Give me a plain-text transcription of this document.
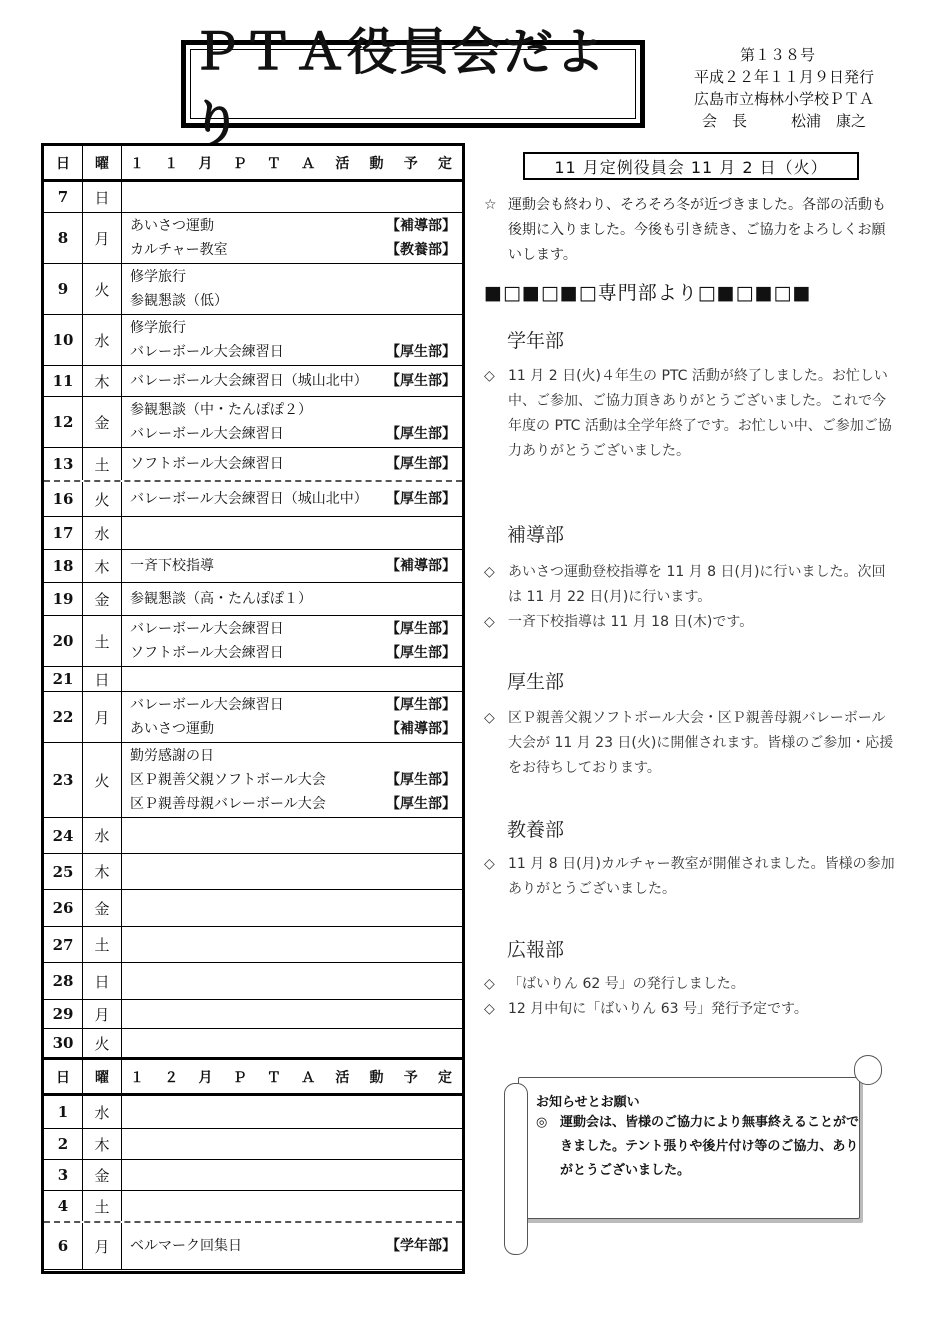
ＰＴＡ役員会だより
第１３８号
平成２２年１１月９日発行
広島市立梅林小学校ＰＴＡ
会　長	松浦　康之
日	曜	１ １ 月 Ｐ Ｔ Ａ 活 動 予 定
7	日
8	月
あいさつ運動	【補導部】
カルチャー教室	【教養部】
9	火
修学旅行
参観懇談（低）
10	水
修学旅行
バレーボール大会練習日	【厚生部】
11	木	バレーボール大会練習日（城山北中） 【厚生部】
12	金
参観懇談（中・たんぽぽ２）
バレーボール大会練習日	【厚生部】
13	土	ソフトボール大会練習日	【厚生部】
16	火	バレーボール大会練習日（城山北中） 【厚生部】
17	水
18	木	一斉下校指導	【補導部】
19	金	参観懇談（高・たんぽぽ１）
20	土
バレーボール大会練習日	【厚生部】
ソフトボール大会練習日	【厚生部】
21	日
22	月
バレーボール大会練習日	【厚生部】
あいさつ運動	【補導部】
23	火
勤労感謝の日
区Ｐ親善父親ソフトボール大会	【厚生部】
区Ｐ親善母親バレーボール大会	【厚生部】
24	水
25	木
26	金
27	土
28	日
29	月
30	火
日	曜	１ ２ 月 Ｐ Ｔ Ａ 活 動 予 定
1	水
2	木
3	金
4	土
6	月	ベルマーク回集日	【学年部】
11 月定例役員会 11 月 2 日（火）
☆ 運動会も終わり、そろそろ冬が近づきました。各部の活動も後期に入りました。今後も引き続き、ご協力をよろしくお願いします。
■□■□■□専門部より□■□■□■
学年部
◇ 11 月 2 日(火)４年生の PTC 活動が終了しました。お忙しい中、ご参加、ご協力頂きありがとうございました。これで今年度の PTC 活動は全学年終了です。お忙しい中、ご参加ご協力ありがとうございました。
補導部
◇ あいさつ運動登校指導を 11 月 8 日(月)に行いました。次回は 11 月 22 日(月)に行います。
◇ 一斉下校指導は 11 月 18 日(木)です。
厚生部
◇ 区Ｐ親善父親ソフトボール大会・区Ｐ親善母親バレーボール大会が 11 月 23 日(火)に開催されます。皆様のご参加・応援をお待ちしております。
教養部
◇ 11 月 8 日(月)カルチャー教室が開催されました。皆様の参加ありがとうございました。
広報部
◇ 「ばいりん 62 号」の発行しました。
◇ 12 月中旬に「ばいりん 63 号」発行予定です。
お知らせとお願い
◎ 運動会は、皆様のご協力により無事終えることができました。テント張りや後片付け等のご協力、ありがとうございました。
